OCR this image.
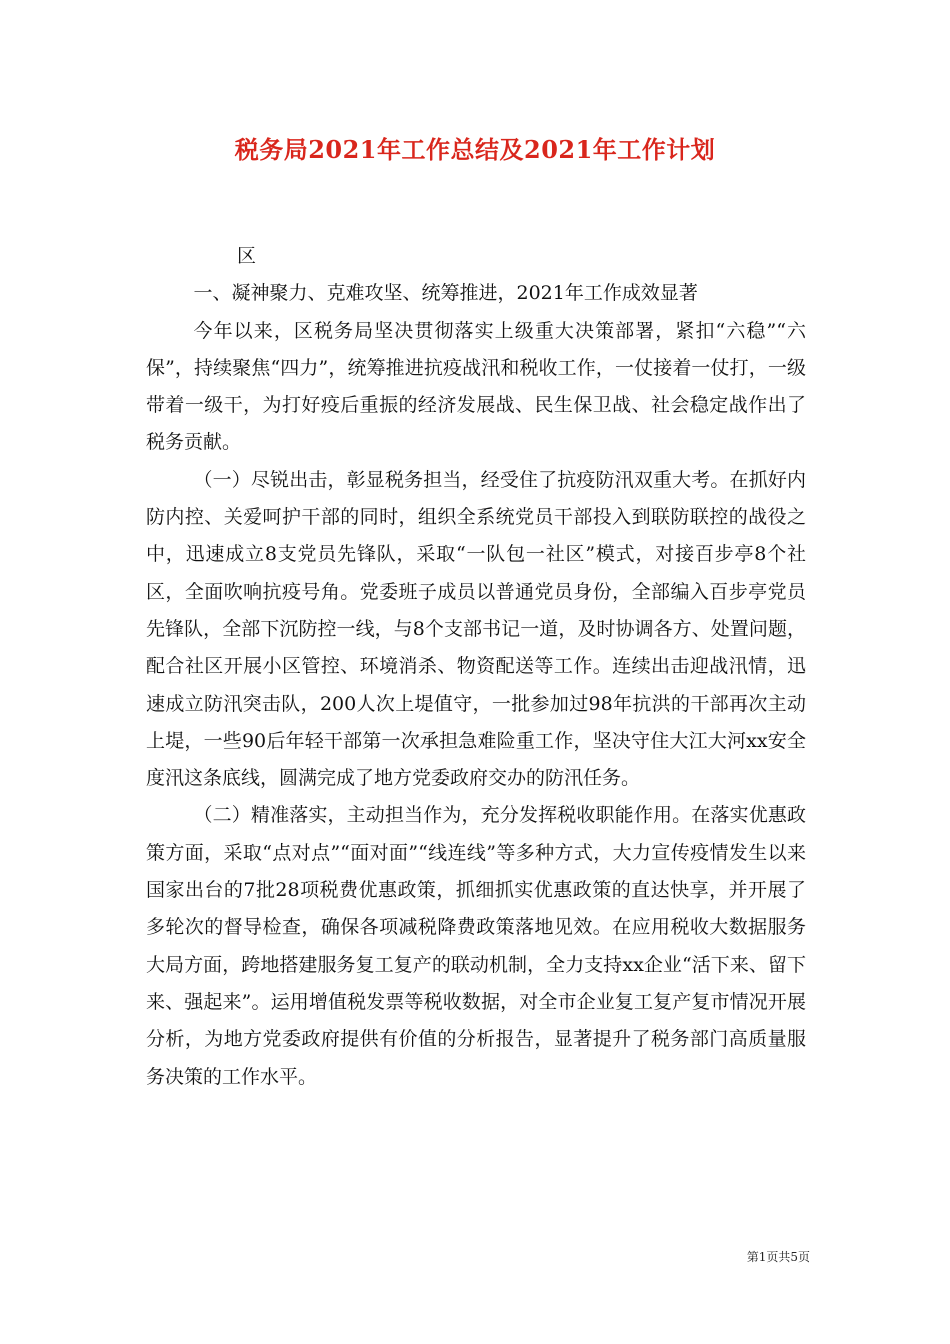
税务局2021年工作总结及2021年工作计划

区

一、凝神聚力、克难攻坚、统筹推进，2021年工作成效显著

今年以来，区税务局坚决贯彻落实上级重大决策部署，紧扣“六稳”“六保”，持续聚焦“四力”，统筹推进抗疫战汛和税收工作，一仗接着一仗打，一级带着一级干，为打好疫后重振的经济发展战、民生保卫战、社会稳定战作出了税务贡献。

（一）尽锐出击，彰显税务担当，经受住了抗疫防汛双重大考。在抓好内防内控、关爱呵护干部的同时，组织全系统党员干部投入到联防联控的战役之中，迅速成立8支党员先锋队，采取“一队包一社区”模式，对接百步亭8个社区，全面吹响抗疫号角。党委班子成员以普通党员身份，全部编入百步亭党员先锋队，全部下沉防控一线，与8个支部书记一道，及时协调各方、处置问题，配合社区开展小区管控、环境消杀、物资配送等工作。连续出击迎战汛情，迅速成立防汛突击队，200人次上堤值守，一批参加过98年抗洪的干部再次主动上堤，一些90后年轻干部第一次承担急难险重工作，坚决守住大江大河xx安全度汛这条底线，圆满完成了地方党委政府交办的防汛任务。

（二）精准落实，主动担当作为，充分发挥税收职能作用。在落实优惠政策方面，采取“点对点”“面对面”“线连线”等多种方式，大力宣传疫情发生以来国家出台的7批28项税费优惠政策，抓细抓实优惠政策的直达快享，并开展了多轮次的督导检查，确保各项减税降费政策落地见效。在应用税收大数据服务大局方面，跨地搭建服务复工复产的联动机制，全力支持xx企业“活下来、留下来、强起来”。运用增值税发票等税收数据，对全市企业复工复产复市情况开展分析，为地方党委政府提供有价值的分析报告，显著提升了税务部门高质量服务决策的工作水平。

第1页共5页
